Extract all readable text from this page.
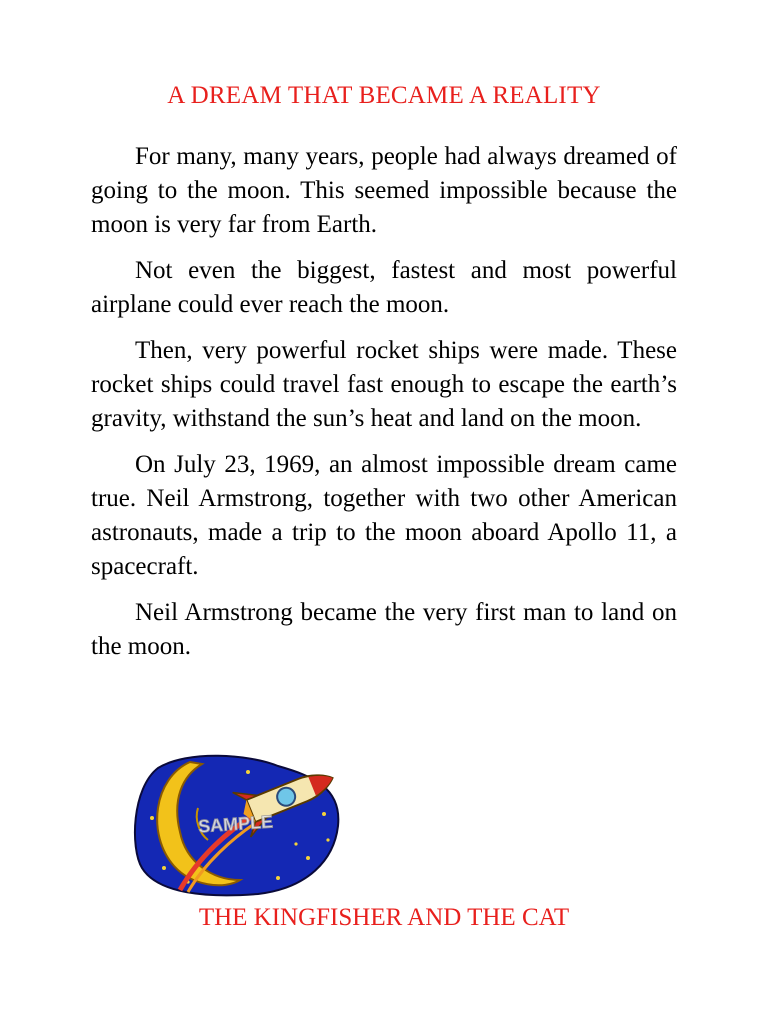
A DREAM THAT BECAME A REALITY

For many, many years, people had always dreamed of going to the moon. This seemed impossible because the moon is very far from Earth.

Not even the biggest, fastest and most powerful airplane could ever reach the moon.

Then, very powerful rocket ships were made. These rocket ships could travel fast enough to escape the earth’s gravity, withstand the sun’s heat and land on the moon.

On July 23, 1969, an almost impossible dream came true. Neil Armstrong, together with two other American astronauts, made a trip to the moon aboard Apollo 11, a spacecraft.

Neil Armstrong became the very first man to land on the moon.

SAMPLE
THE KINGFISHER AND THE CAT
